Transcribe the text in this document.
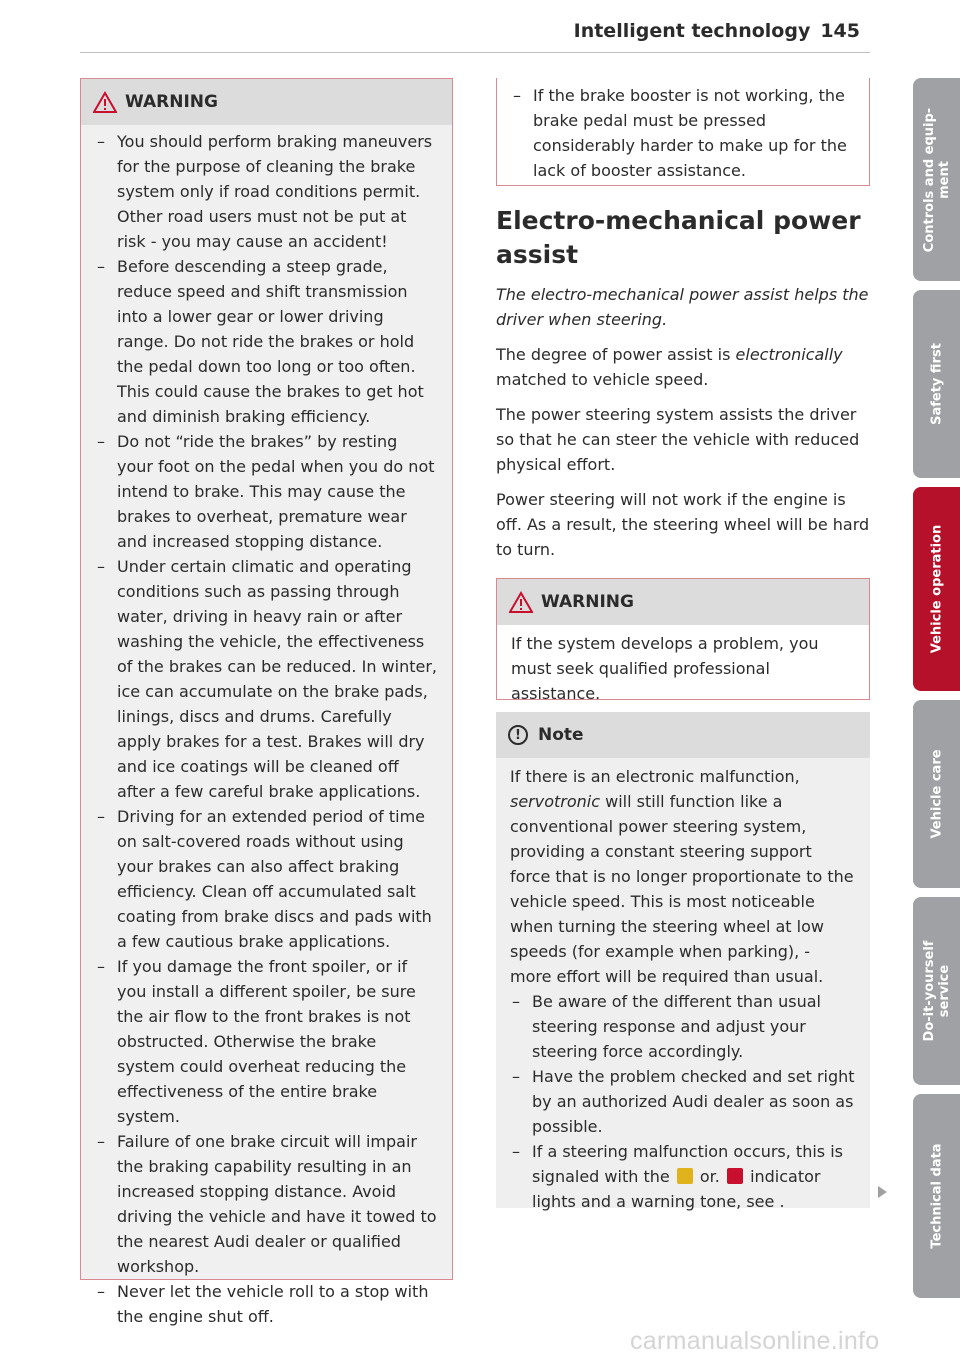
Intelligent technology 145
WARNING
– You should perform braking maneuvers for the purpose of cleaning the brake system only if road conditions permit. Other road users must not be put at risk - you may cause an accident!
– Before descending a steep grade, reduce speed and shift transmission into a lower gear or lower driving range. Do not ride the brakes or hold the pedal down too long or too often. This could cause the brakes to get hot and diminish braking efficiency.
– Do not “ride the brakes” by resting your foot on the pedal when you do not intend to brake. This may cause the brakes to overheat, premature wear and increased stopping distance.
– Under certain climatic and operating conditions such as passing through water, driving in heavy rain or after washing the vehicle, the effectiveness of the brakes can be reduced. In winter, ice can accumulate on the brake pads, linings, discs and drums. Carefully apply brakes for a test. Brakes will dry and ice coatings will be cleaned off after a few careful brake applications.
– Driving for an extended period of time on salt-covered roads without using your brakes can also affect braking efficiency. Clean off accumulated salt coating from brake discs and pads with a few cautious brake applications.
– If you damage the front spoiler, or if you install a different spoiler, be sure the air flow to the front brakes is not obstructed. Otherwise the brake system could overheat reducing the effectiveness of the entire brake system.
– Failure of one brake circuit will impair the braking capability resulting in an increased stopping distance. Avoid driving the vehicle and have it towed to the nearest Audi dealer or qualified workshop.
– Never let the vehicle roll to a stop with the engine shut off.
– If the brake booster is not working, the brake pedal must be pressed considerably harder to make up for the lack of booster assistance.
Electro-mechanical power assist

The electro-mechanical power assist helps the driver when steering.

The degree of power assist is electronically matched to vehicle speed.

The power steering system assists the driver so that he can steer the vehicle with reduced physical effort.

Power steering will not work if the engine is off. As a result, the steering wheel will be hard to turn.

WARNING

If the system develops a problem, you must seek qualified professional assistance.

!	Note

If there is an electronic malfunction, servotronic will still function like a conventional power steering system, providing a constant steering support force that is no longer proportionate to the vehicle speed. This is most noticeable when turning the steering wheel at low speeds (for example when parking), - more effort will be required than usual.

– Be aware of the different than usual steering response and adjust your steering force accordingly.
– Have the problem checked and set right by an authorized Audi dealer as soon as possible.
– If a steering malfunction occurs, this is signaled with the or. indicator lights and a warning tone, see .
Controls and equip-
ment
Safety first
Vehicle operation
Vehicle care
Do-it-yourself
service
Technical data
carmanualsonline.info
